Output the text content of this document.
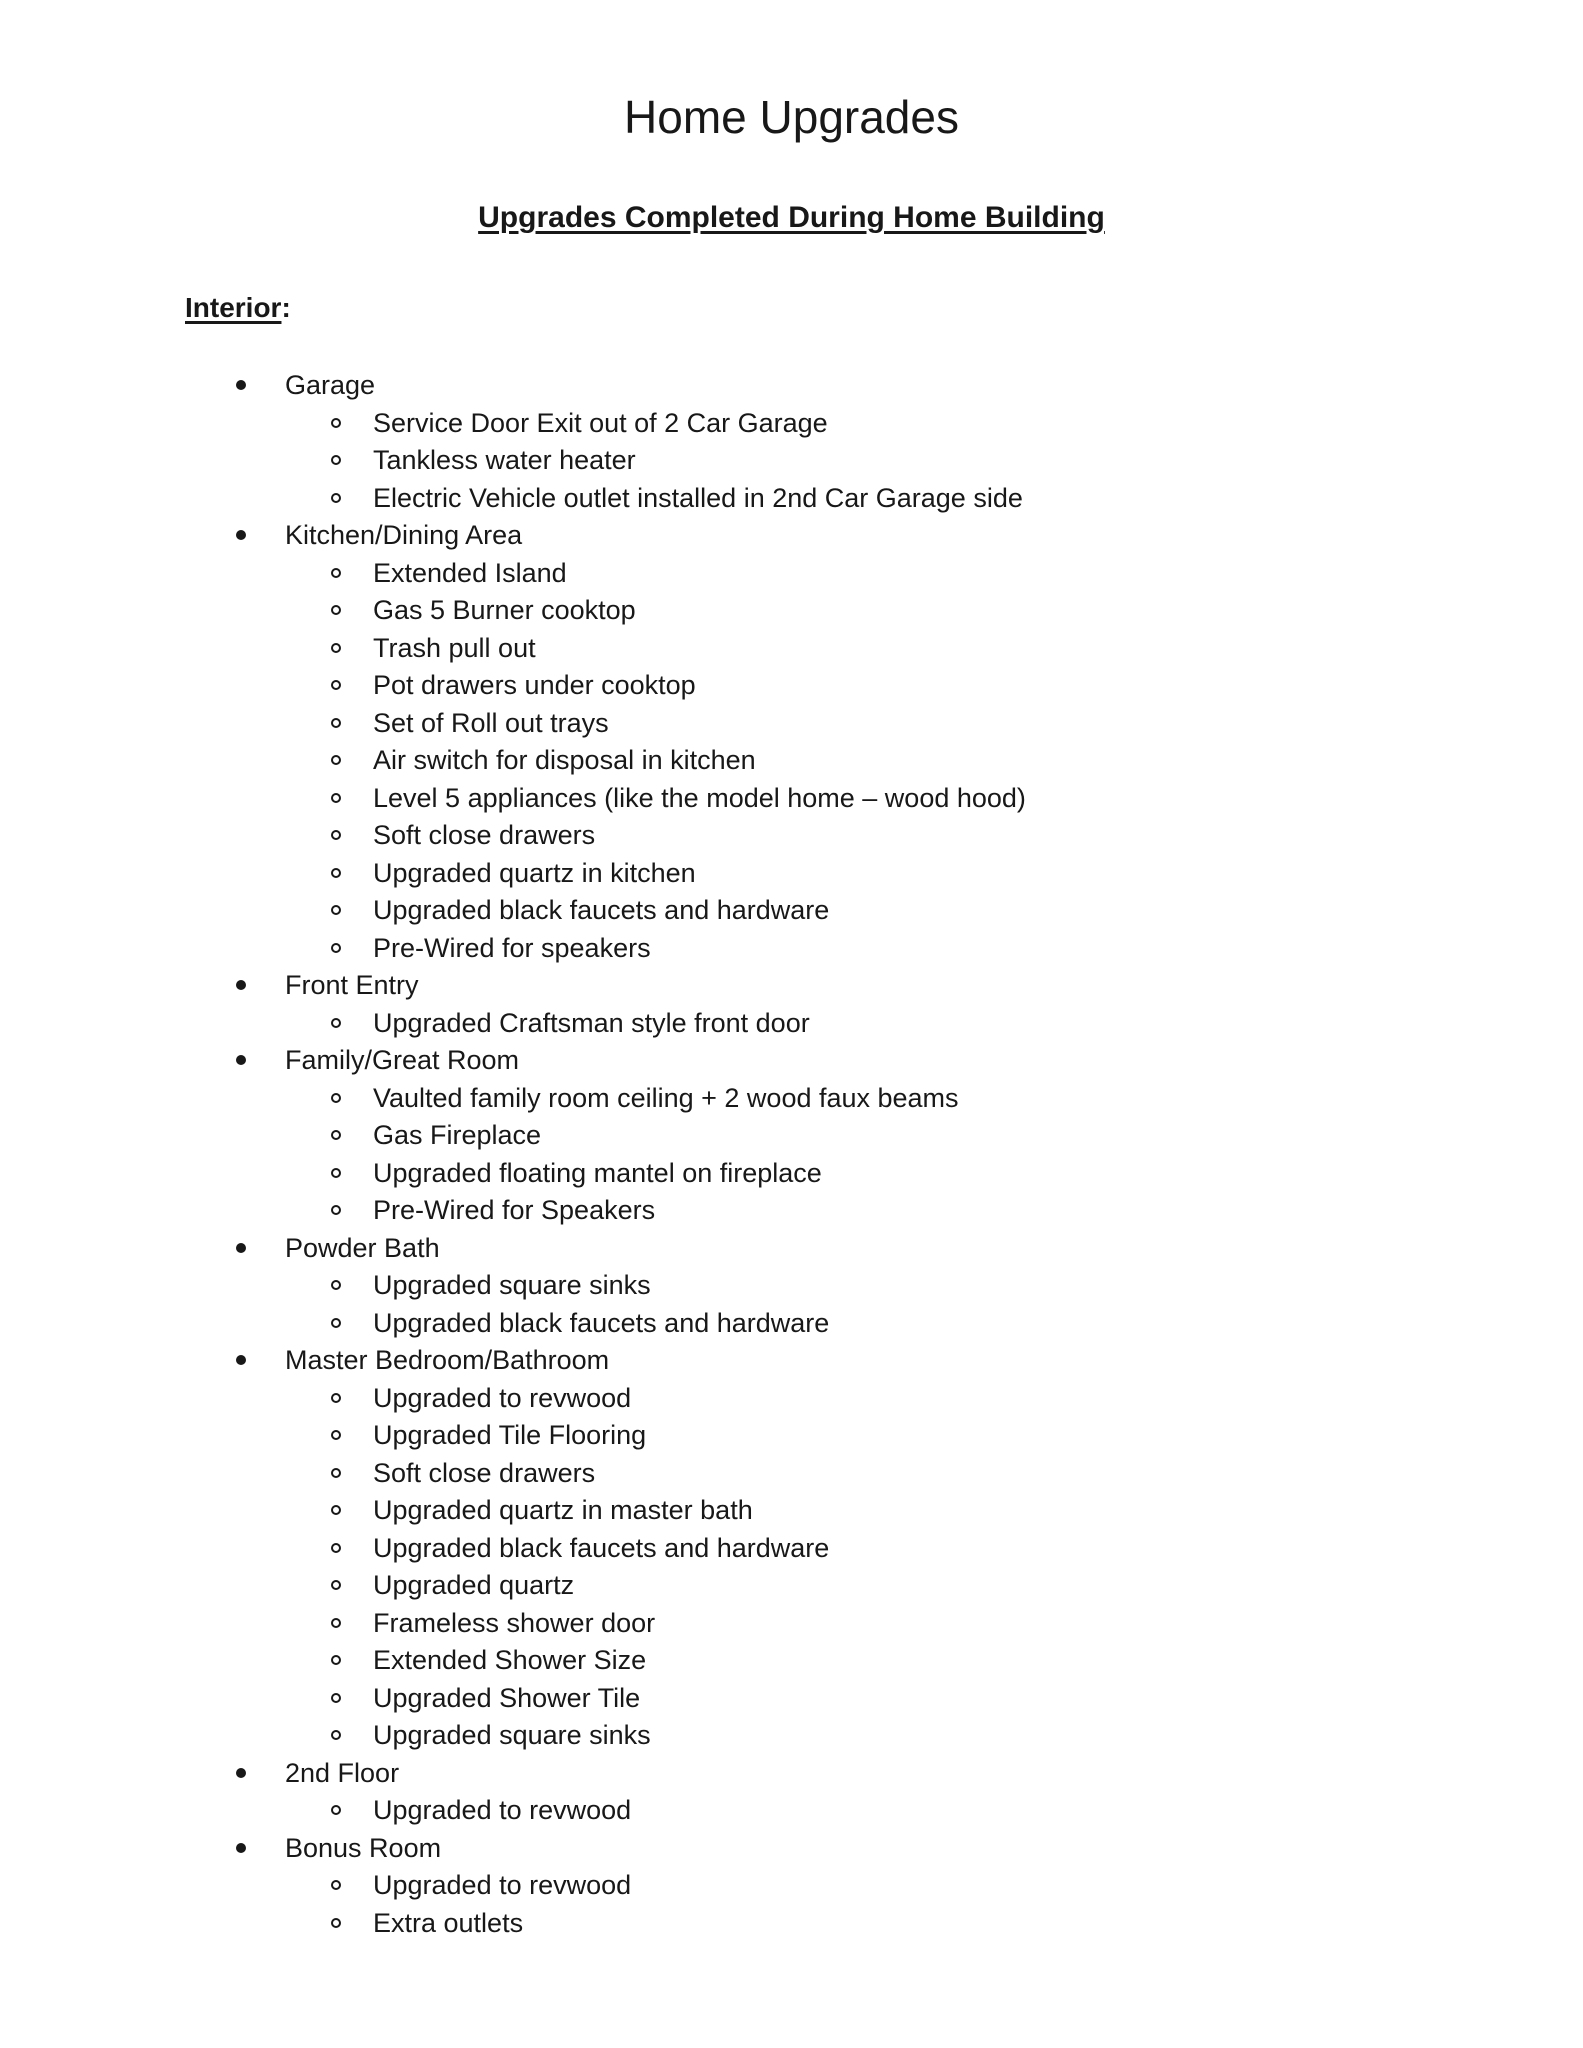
Home Upgrades
Upgrades Completed During Home Building
Interior:
Garage
Service Door Exit out of 2 Car Garage
Tankless water heater
Electric Vehicle outlet installed in 2nd Car Garage side
Kitchen/Dining Area
Extended Island
Gas 5 Burner cooktop
Trash pull out
Pot drawers under cooktop
Set of Roll out trays
Air switch for disposal in kitchen
Level 5 appliances (like the model home – wood hood)
Soft close drawers
Upgraded quartz in kitchen
Upgraded black faucets and hardware
Pre-Wired for speakers
Front Entry
Upgraded Craftsman style front door
Family/Great Room
Vaulted family room ceiling + 2 wood faux beams
Gas Fireplace
Upgraded floating mantel on fireplace
Pre-Wired for Speakers
Powder Bath
Upgraded square sinks
Upgraded black faucets and hardware
Master Bedroom/Bathroom
Upgraded to revwood
Upgraded Tile Flooring
Soft close drawers
Upgraded quartz in master bath
Upgraded black faucets and hardware
Upgraded quartz
Frameless shower door
Extended Shower Size
Upgraded Shower Tile
Upgraded square sinks
2nd Floor
Upgraded to revwood
Bonus Room
Upgraded to revwood
Extra outlets
